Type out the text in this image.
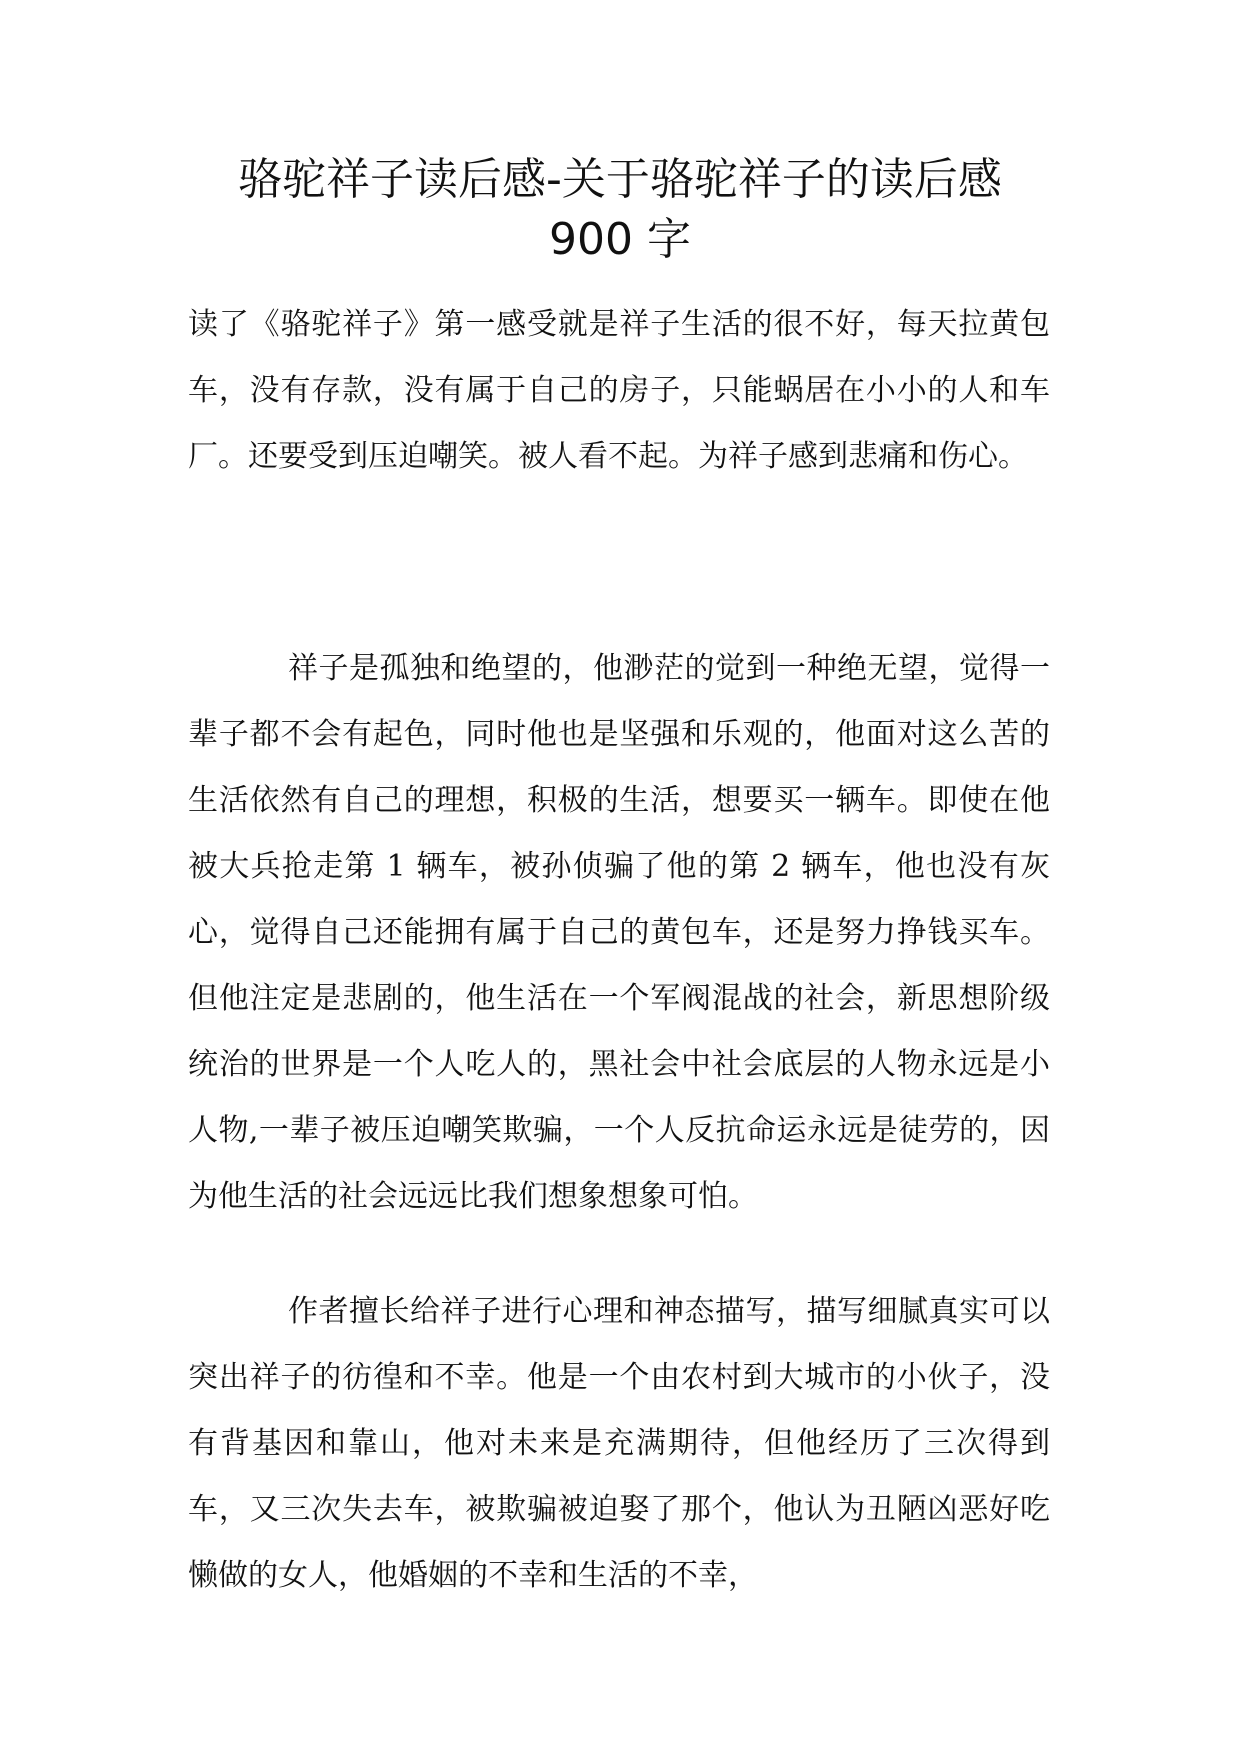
骆驼祥子读后感-关于骆驼祥子的读后感
900 字

读了《骆驼祥子》第一感受就是祥子生活的很不好，每天拉黄包车，没有存款，没有属于自己的房子，只能蜗居在小小的人和车厂。还要受到压迫嘲笑。被人看不起。为祥子感到悲痛和伤心。

祥子是孤独和绝望的，他渺茫的觉到一种绝无望，觉得一辈子都不会有起色，同时他也是坚强和乐观的，他面对这么苦的生活依然有自己的理想，积极的生活，想要买一辆车。即使在他被大兵抢走第 1 辆车，被孙侦骗了他的第 2 辆车，他也没有灰心，觉得自己还能拥有属于自己的黄包车，还是努力挣钱买车。但他注定是悲剧的，他生活在一个军阀混战的社会，新思想阶级统治的世界是一个人吃人的，黑社会中社会底层的人物永远是小人物,一辈子被压迫嘲笑欺骗，一个人反抗命运永远是徒劳的，因为他生活的社会远远比我们想象想象可怕。

作者擅长给祥子进行心理和神态描写，描写细腻真实可以突出祥子的彷徨和不幸。他是一个由农村到大城市的小伙子，没有背基因和靠山，他对未来是充满期待，但他经历了三次得到车，又三次失去车，被欺骗被迫娶了那个，他认为丑陋凶恶好吃懒做的女人，他婚姻的不幸和生活的不幸，
